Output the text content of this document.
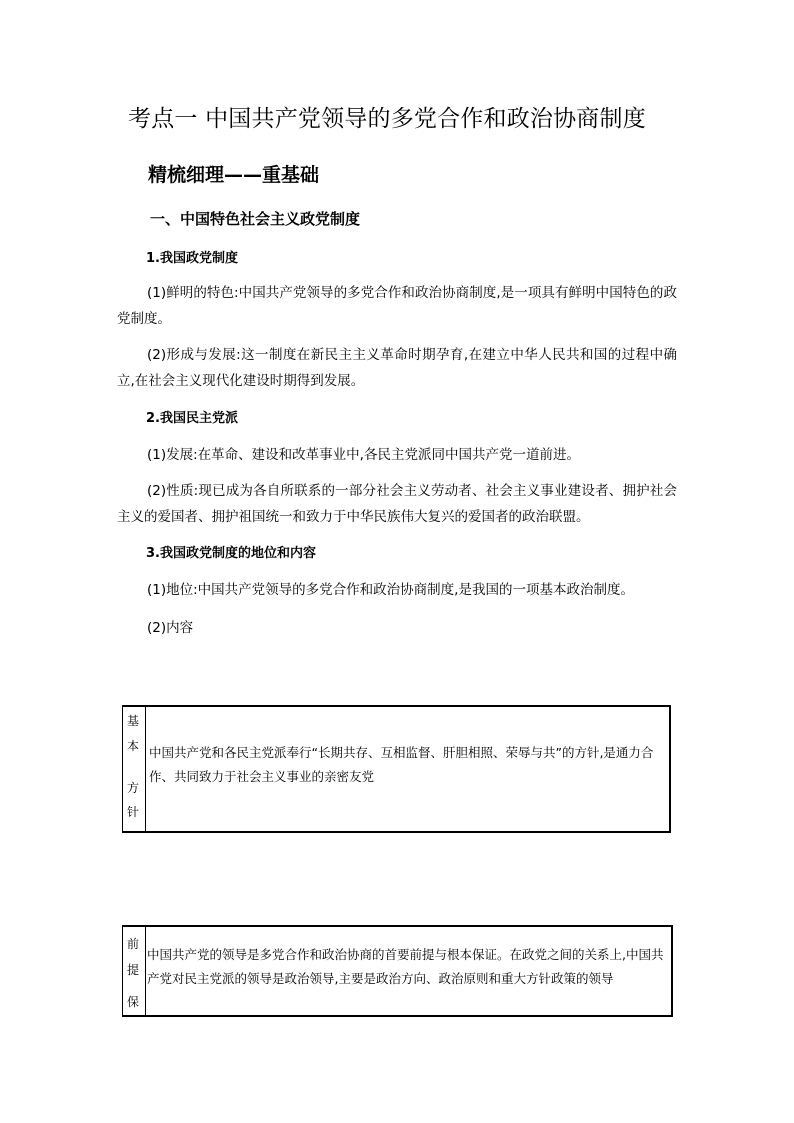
考点一 中国共产党领导的多党合作和政治协商制度
精梳细理——重基础
一、中国特色社会主义政党制度
1.我国政党制度
(1)鲜明的特色:中国共产党领导的多党合作和政治协商制度,是一项具有鲜明中国特色的政党制度。
(2)形成与发展:这一制度在新民主主义革命时期孕育,在建立中华人民共和国的过程中确立,在社会主义现代化建设时期得到发展。
2.我国民主党派
(1)发展:在革命、建设和改革事业中,各民主党派同中国共产党一道前进。
(2)性质:现已成为各自所联系的一部分社会主义劳动者、社会主义事业建设者、拥护社会主义的爱国者、拥护祖国统一和致力于中华民族伟大复兴的爱国者的政治联盟。
3.我国政党制度的地位和内容
(1)地位:中国共产党领导的多党合作和政治协商制度,是我国的一项基本政治制度。
(2)内容
基
本
方
针
中国共产党和各民主党派奉行“长期共存、互相监督、肝胆相照、荣辱与共”的方针,是通力合作、共同致力于社会主义事业的亲密友党
前
提
保
中国共产党的领导是多党合作和政治协商的首要前提与根本保证。在政党之间的关系上,中国共产党对民主党派的领导是政治领导,主要是政治方向、政治原则和重大方针政策的领导
